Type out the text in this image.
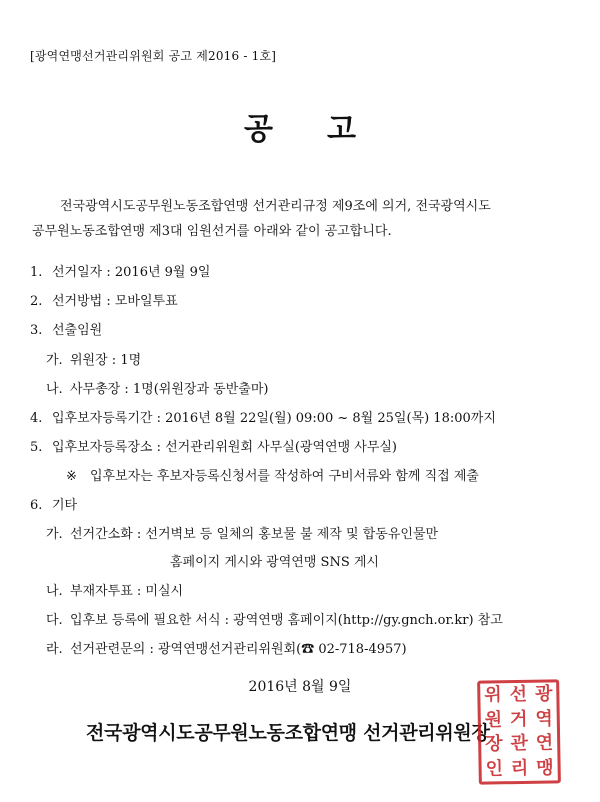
[광역연맹선거관리위원회 공고 제2016 - 1호]
공 고
전국광역시도공무원노동조합연맹 선거관리규정 제9조에 의거, 전국광역시도
공무원노동조합연맹 제3대 임원선거를 아래와 같이 공고합니다.
1. 선거일자 : 2016년 9월 9일
2. 선거방법 : 모바일투표
3. 선출임원
가. 위원장 : 1명
나. 사무총장 : 1명(위원장과 동반출마)
4. 입후보자등록기간 : 2016년 8월 22일(월) 09:00 ~ 8월 25일(목) 18:00까지
5. 입후보자등록장소 : 선거관리위원회 사무실(광역연맹 사무실)
※ 입후보자는 후보자등록신청서를 작성하여 구비서류와 함께 직접 제출
6. 기타
가. 선거간소화 : 선거벽보 등 일체의 홍보물 불 제작 및 합동유인물만
홈페이지 게시와 광역연맹 SNS 게시
나. 부재자투표 : 미실시
다. 입후보 등록에 필요한 서식 : 광역연맹 홈페이지(http://gy.gnch.or.kr) 참고
라. 선거관련문의 : 광역연맹선거관리위원회(☎ 02-718-4957)
2016년 8월 9일
전국광역시도공무원노동조합연맹 선거관리위원장
위 선 광
원 거 역
장 관 연
인 리 맹
